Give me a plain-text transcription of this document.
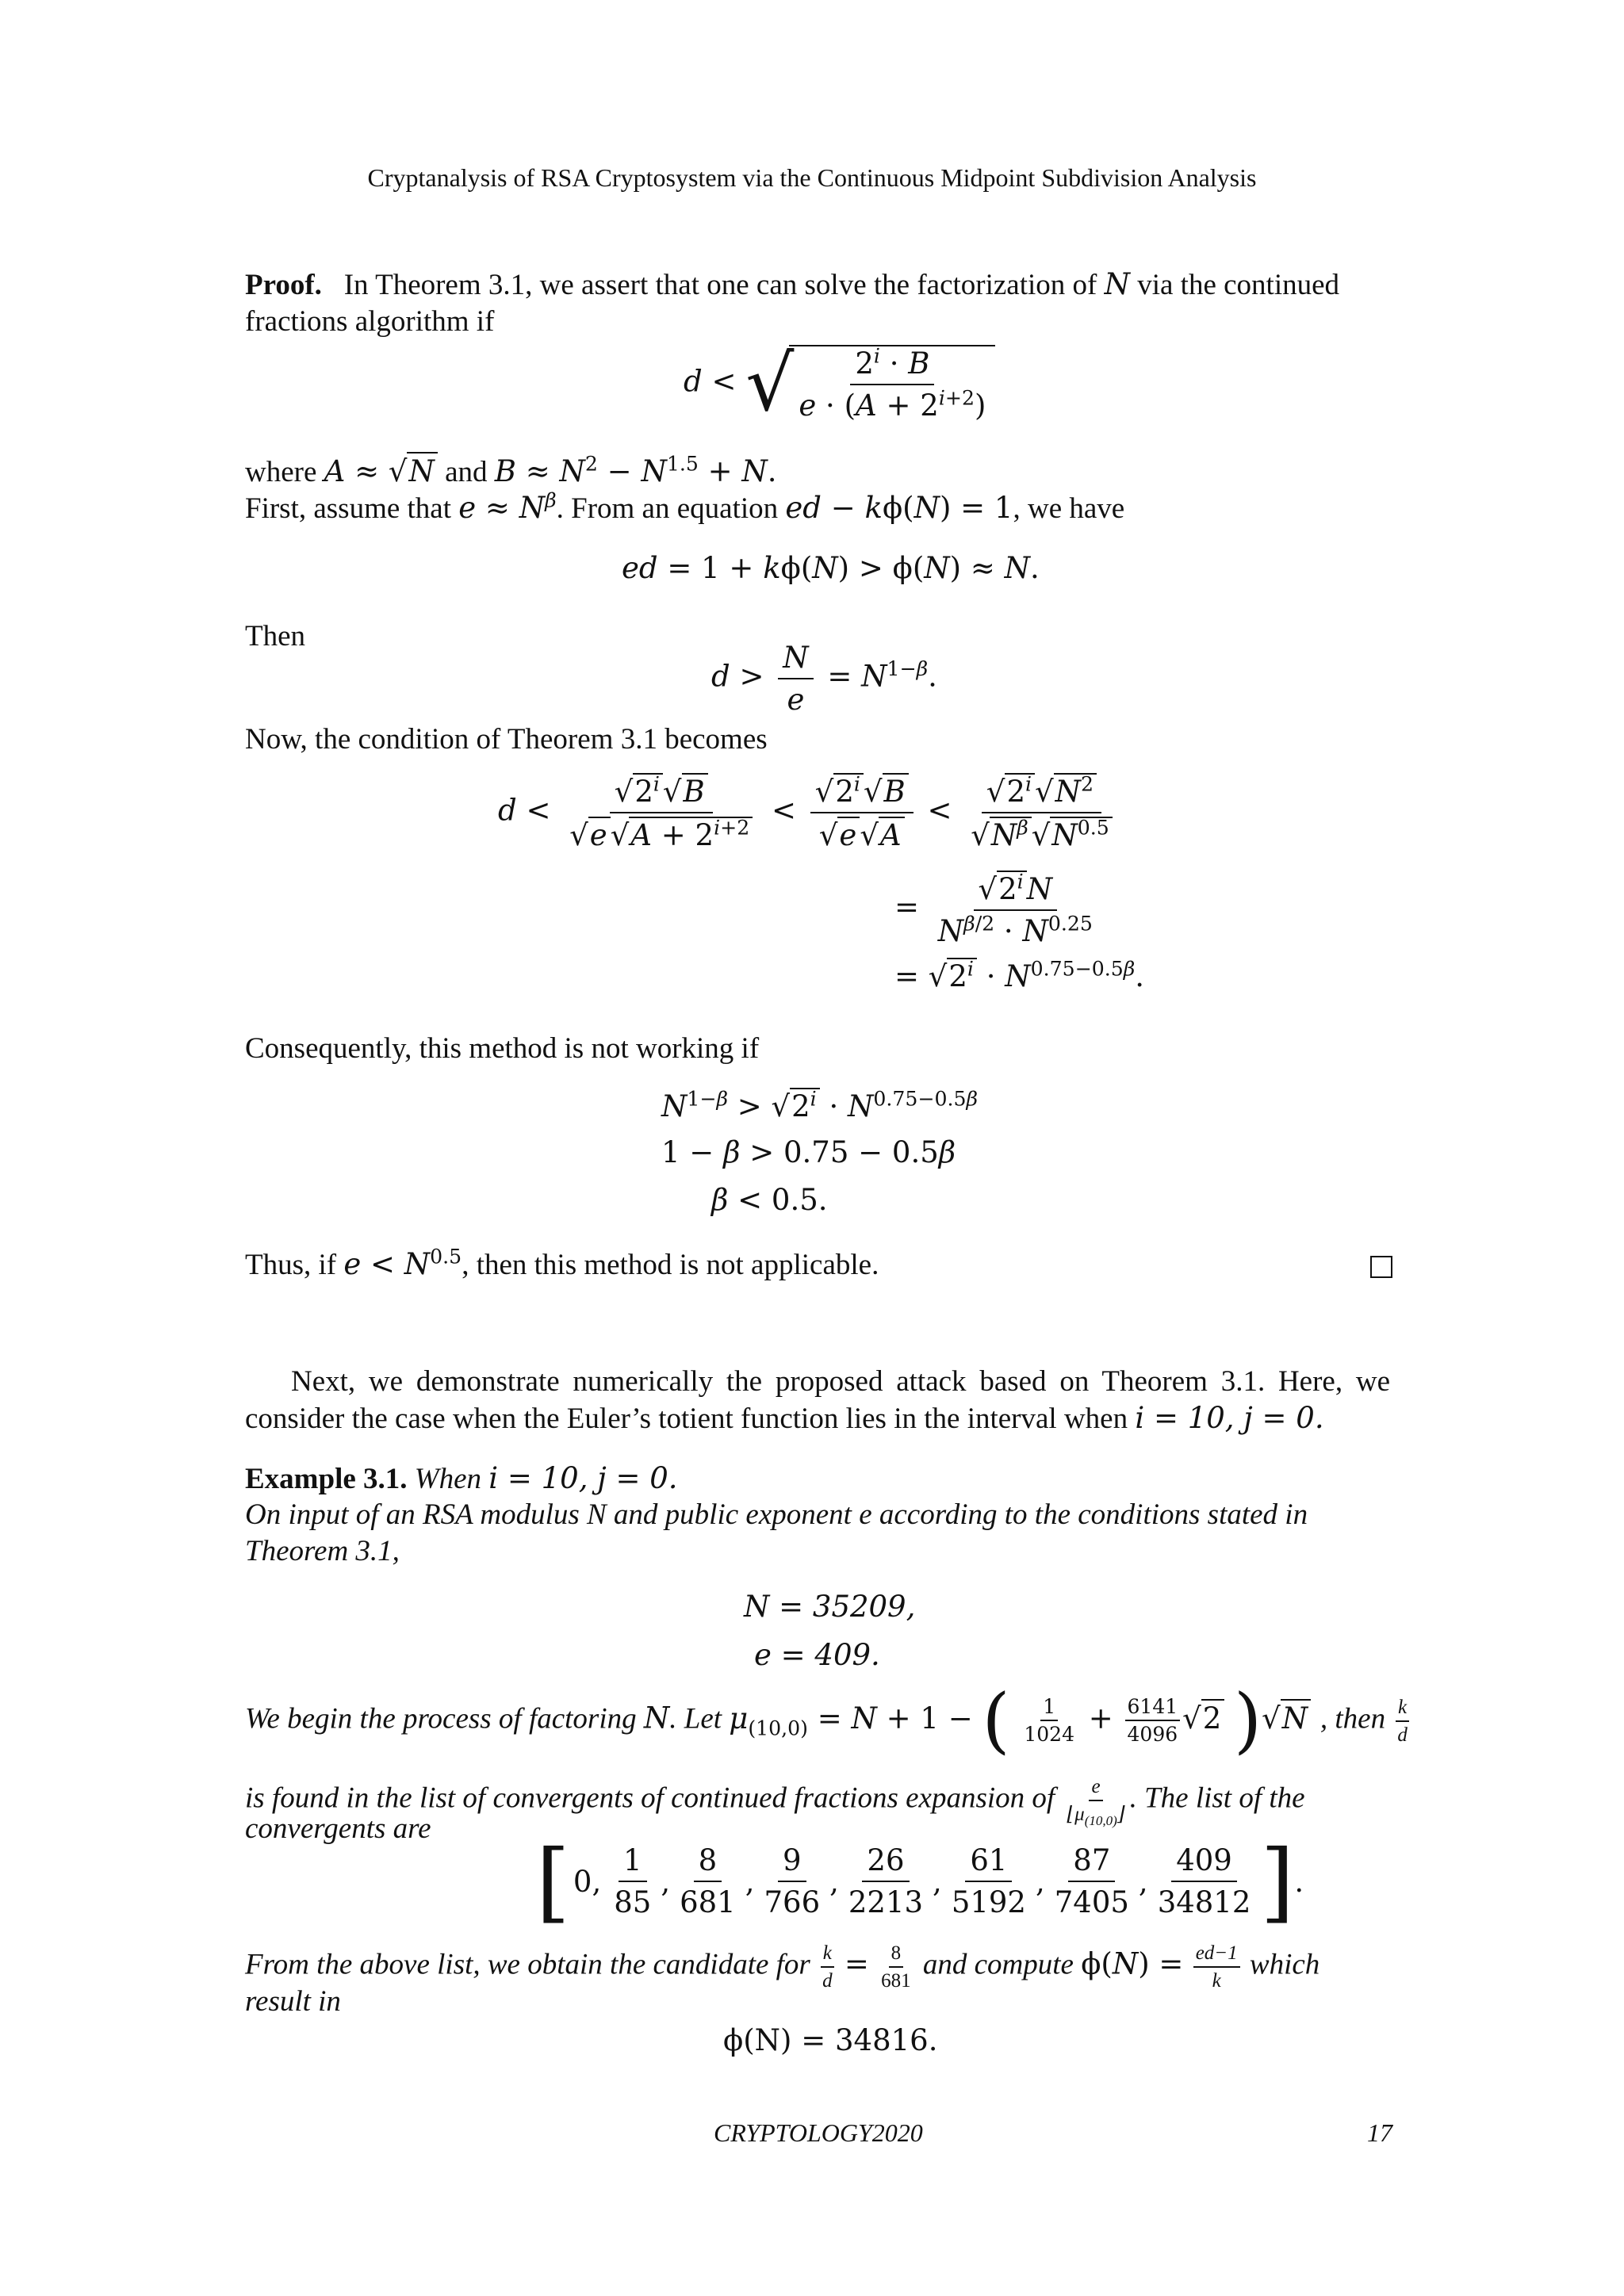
Cryptanalysis of RSA Cryptosystem via the Continuous Midpoint Subdivision Analysis
Proof. In Theorem 3.1, we assert that one can solve the factorization of N via the continued
fractions algorithm if
d < √ $\frac{2^i \cdot B}{e \cdot (A + 2^{i+2})}$
where A ≈ √N and $B \approx N^2 - N^{1.5} + N$.
First, assume that $e \approx N^\beta$. From an equation ed − kϕ(N) = 1, we have
ed = 1 + kϕ(N) > ϕ(N) ≈ N.
Then
$d > \frac{N}{e} = N^{1-\beta}$.
Now, the condition of Theorem 3.1 becomes
$d < \frac{√2^i √B}{√e √A + 2^{i+2}} < \frac{√2^i √B}{√e √A} < \frac{√2^i √N^2}{√N^\beta √N^{0.5}}$
= $\frac{√2^i N}{N^{\beta/2} \cdot N^{0.25}}$
= $√2^i \cdot N^{0.75-0.5\beta}$.
Consequently, this method is not working if
$N^{1-\beta} > √2^i \cdot N^{0.75-0.5\beta}$
1 − β > 0.75 − 0.5β
β < 0.5.
Thus, if $e < N^{0.5}$, then this method is not applicable.
Next, we demonstrate numerically the proposed attack based on Theorem 3.1. Here, we consider the case when the Euler’s totient function lies in the interval when i = 10, j = 0.
Example 3.1. When i = 10, j = 0.
On input of an RSA modulus N and public exponent e according to the conditions stated in
Theorem 3.1,
N = 35209,
e = 409.
We begin the process of factoring N. Let $\mu_{(10,0)} = N + 1$ − ( $\frac{1}{1024} + \frac{6141}{4096} √2$ )√N , then $\frac{k}{d}$
is found in the list of convergents of continued fractions expansion of $\frac{e}{⌊\mu_{(10,0)}⌋}$ . The list of the
convergents are
[ 0, $\frac{1}{85}$ , $\frac{8}{681}$ , $\frac{9}{766}$ , $\frac{26}{2213}$ , $\frac{61}{5192}$ , $\frac{87}{7405}$ , $\frac{409}{34812}$ ] .
From the above list, we obtain the candidate for $\frac{k}{d} = \frac{8}{681}$ and compute $\phi(N) = \frac{ed-1}{k}$ which
result in
ϕ(N) = 34816.
CRYPTOLOGY2020	17
